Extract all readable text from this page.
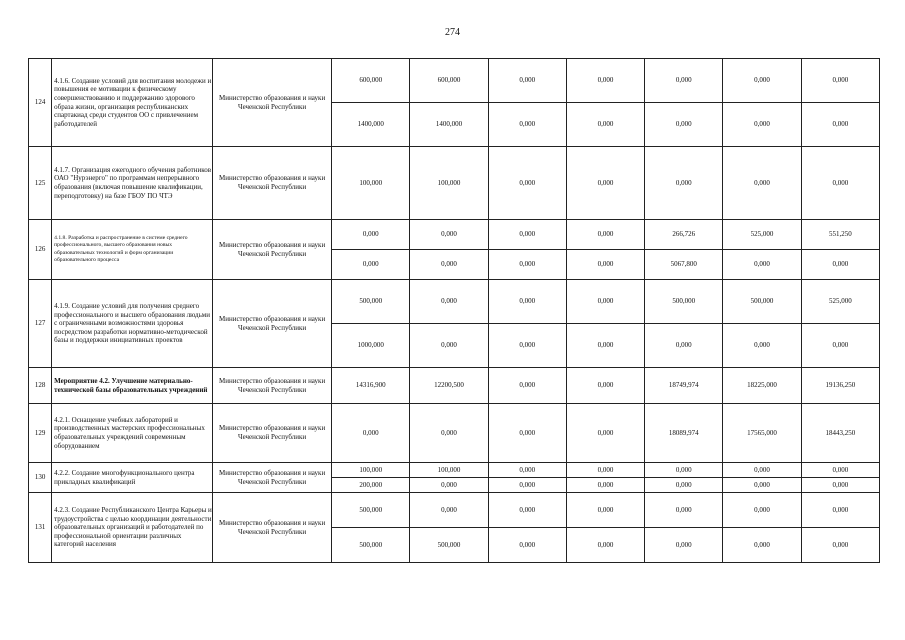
274
124	4.1.6. Создание условий для воспитания молодежи и повышения ее мотивации к физическому совершенствованию и поддержанию здорового образа жизни, организация республиканских спартакиад среди студентов ОО с привлечением работодателей	Министерство образования и науки Чеченской Республики	600,000	600,000	0,000	0,000	0,000	0,000	0,000
			1400,000	1400,000	0,000	0,000	0,000	0,000	0,000
125	4.1.7. Организация ежегодного обучения работников ОАО "Нурэнерго" по программам непрерывного образования (включая повышение квалификации, переподготовку) на базе ГБОУ ПО ЧТЭ	Министерство образования и науки Чеченской Республики	100,000	100,000	0,000	0,000	0,000	0,000	0,000
126	4.1.8. Разработка и распространение в системе среднего профессионального, высшего образования новых образовательных технологий и форм организации образовательного процесса	Министерство образования и науки Чеченской Республики	0,000	0,000	0,000	0,000	266,726	525,000	551,250
			0,000	0,000	0,000	0,000	5067,800	0,000	0,000
127	4.1.9. Создание условий для получения среднего профессионального и высшего образования людьми с ограниченными возможностями здоровья посредством разработки нормативно-методической базы и поддержки инициативных проектов	Министерство образования и науки Чеченской Республики	500,000	0,000	0,000	0,000	500,000	500,000	525,000
			1000,000	0,000	0,000	0,000	0,000	0,000	0,000
128	Мероприятие 4.2. Улучшение материально-технической базы образовательных учреждений	Министерство образования и науки Чеченской Республики	14316,900	12200,500	0,000	0,000	18749,974	18225,000	19136,250
129	4.2.1. Оснащение учебных лабораторий и производственных мастерских профессиональных образовательных учреждений современным оборудованием	Министерство образования и науки Чеченской Республики	0,000	0,000	0,000	0,000	18089,974	17565,000	18443,250
130	4.2.2. Создание многофункционального центра прикладных квалификаций	Министерство образования и науки Чеченской Республики	100,000	100,000	0,000	0,000	0,000	0,000	0,000
			200,000	0,000	0,000	0,000	0,000	0,000	0,000
131	4.2.3. Создание Республиканского Центра Карьеры и трудоустройства с целью координации деятельности образовательных организаций и работодателей по профессиональной ориентации различных категорий населения	Министерство образования и науки Чеченской Республики	500,000	0,000	0,000	0,000	0,000	0,000	0,000
			500,000	500,000	0,000	0,000	0,000	0,000	0,000
